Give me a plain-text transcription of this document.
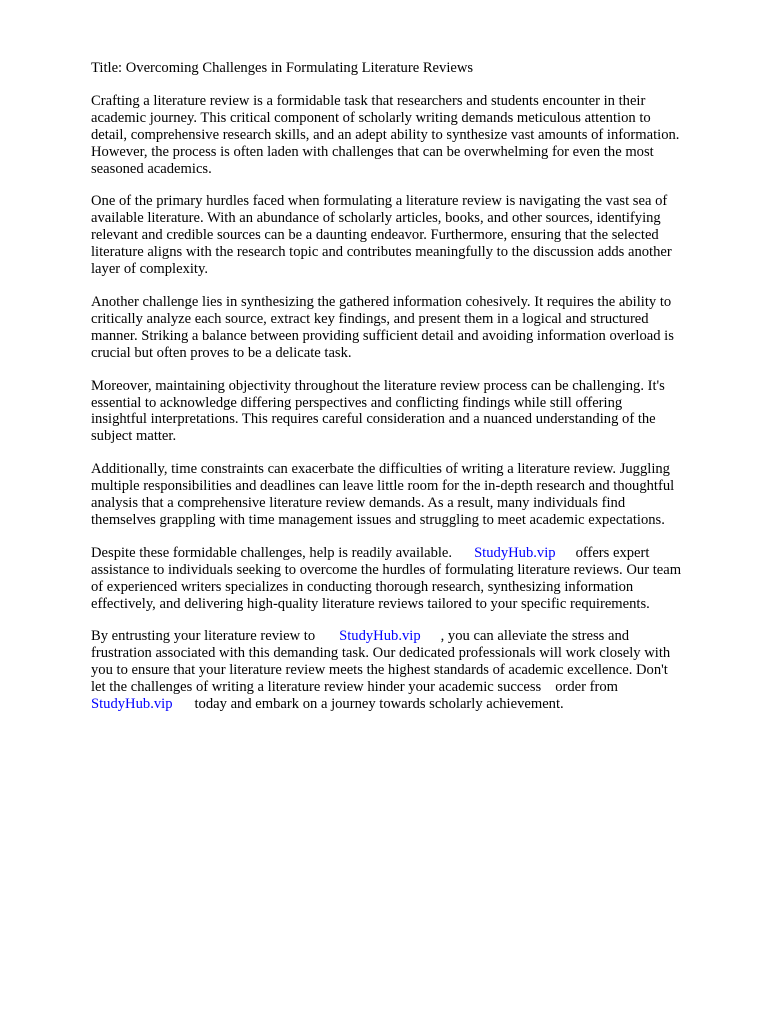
Title: Overcoming Challenges in Formulating Literature Reviews
Crafting a literature review is a formidable task that researchers and students encounter in their
academic journey. This critical component of scholarly writing demands meticulous attention to
detail, comprehensive research skills, and an adept ability to synthesize vast amounts of information.
However, the process is often laden with challenges that can be overwhelming for even the most
seasoned academics.
One of the primary hurdles faced when formulating a literature review is navigating the vast sea of
available literature. With an abundance of scholarly articles, books, and other sources, identifying
relevant and credible sources can be a daunting endeavor. Furthermore, ensuring that the selected
literature aligns with the research topic and contributes meaningfully to the discussion adds another
layer of complexity.
Another challenge lies in synthesizing the gathered information cohesively. It requires the ability to
critically analyze each source, extract key findings, and present them in a logical and structured
manner. Striking a balance between providing sufficient detail and avoiding information overload is
crucial but often proves to be a delicate task.
Moreover, maintaining objectivity throughout the literature review process can be challenging. It's
essential to acknowledge differing perspectives and conflicting findings while still offering
insightful interpretations. This requires careful consideration and a nuanced understanding of the
subject matter.
Additionally, time constraints can exacerbate the difficulties of writing a literature review. Juggling
multiple responsibilities and deadlines can leave little room for the in-depth research and thoughtful
analysis that a comprehensive literature review demands. As a result, many individuals find
themselves grappling with time management issues and struggling to meet academic expectations.
Despite these formidable challenges, help is readily available. StudyHub.vip offers expert
assistance to individuals seeking to overcome the hurdles of formulating literature reviews. Our team
of experienced writers specializes in conducting thorough research, synthesizing information
effectively, and delivering high-quality literature reviews tailored to your specific requirements.
By entrusting your literature review to StudyHub.vip , you can alleviate the stress and
frustration associated with this demanding task. Our dedicated professionals will work closely with
you to ensure that your literature review meets the highest standards of academic excellence. Don't
let the challenges of writing a literature review hinder your academic success order from
StudyHub.vip today and embark on a journey towards scholarly achievement.
